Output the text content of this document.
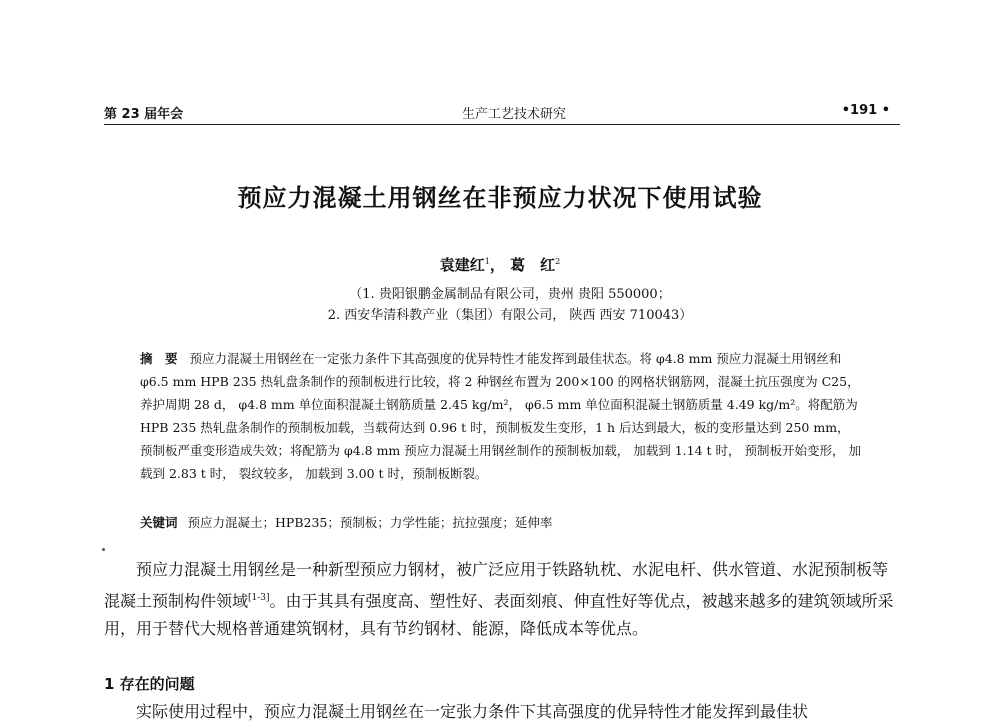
第 23 届年会	生产工艺技术研究	•191 •
预应力混凝土用钢丝在非预应力状况下使用试验
袁建红$^1$， 葛　红$^2$
（1. 贵阳银鹏金属制品有限公司，贵州 贵阳 550000；
2. 西安华清科教产业（集团）有限公司， 陕西 西安 710043）
摘　要 预应力混凝土用钢丝在一定张力条件下其高强度的优异特性才能发挥到最佳状态。将 φ4.8 mm 预应力混凝土用钢丝和 φ6.5 mm HPB 235 热轧盘条制作的预制板进行比较，将 2 种钢丝布置为 200×100 的网格状钢筋网，混凝土抗压强度为 C25，养护周期 28 d， φ4.8 mm 单位面积混凝土钢筋质量 2.45 kg/m²， φ6.5 mm 单位面积混凝土钢筋质量 4.49 kg/m²。将配筋为 HPB 235 热轧盘条制作的预制板加载，当载荷达到 0.96 t 时，预制板发生变形，1 h 后达到最大，板的变形量达到 250 mm，预制板严重变形造成失效；将配筋为 φ4.8 mm 预应力混凝土用钢丝制作的预制板加载， 加载到 1.14 t 时， 预制板开始变形， 加载到 2.83 t 时， 裂纹较多， 加载到 3.00 t 时，预制板断裂。
关键词 预应力混凝土；HPB235；预制板；力学性能；抗拉强度；延伸率
预应力混凝土用钢丝是一种新型预应力钢材，被广泛应用于铁路轨枕、水泥电杆、供水管道、水泥预制板等混凝土预制构件领域[1-3]。由于其具有强度高、塑性好、表面刻痕、伸直性好等优点，被越来越多的建筑领域所采用，用于替代大规格普通建筑钢材，具有节约钢材、能源，降低成本等优点。
1 存在的问题
实际使用过程中，预应力混凝土用钢丝在一定张力条件下其高强度的优异特性才能发挥到最佳状
